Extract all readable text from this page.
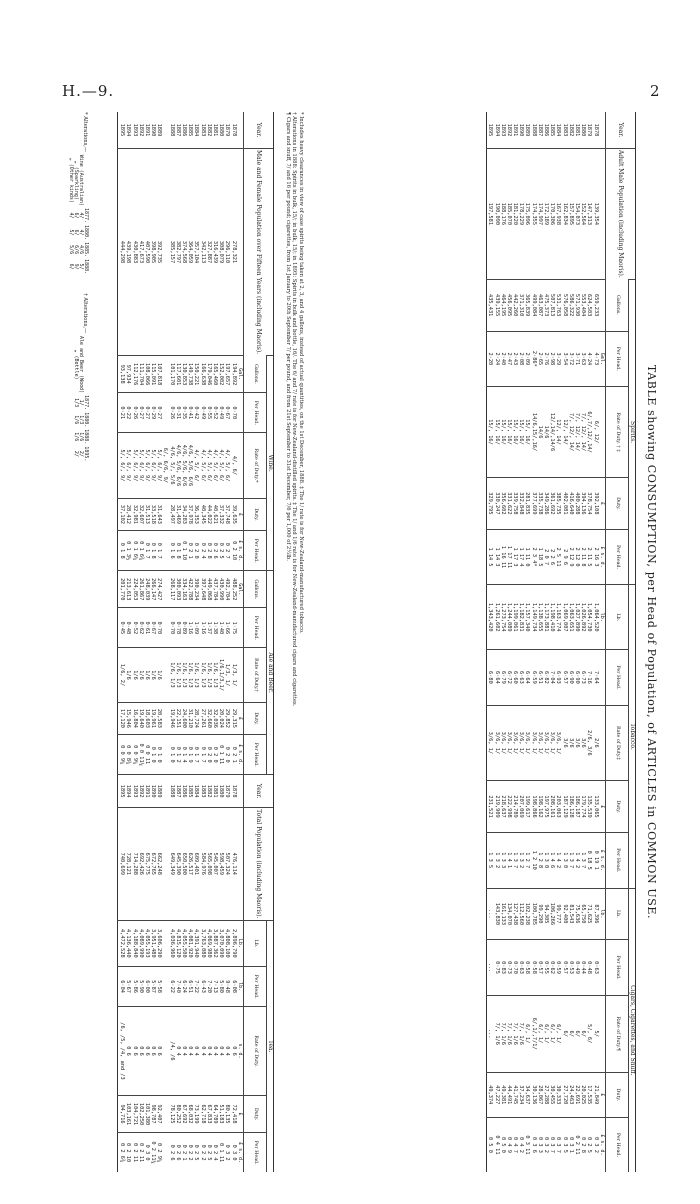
H.—9.	2
TABLE showing CONSUMPTION, per Head of Population, of ARTICLES in COMMON USE.
Year.	Adult Male Population (including Maoris).	Spirits.					Tobacco.					Cigars, Cigarettes, and Snuff.				
		Gallons.	Per Head.	Rate of Duty. † ‡	Duty.	Per Head.	Lb.	Per Head.	Rate of Duty.‡	Duty.	Per Head.	Lb.	Per Head.	Rate of Duty.¶	Duty.	Per Head.
			Gal.		£	£ s. d.	lb.			£	£ s. d.	lb.			£	£ s. d.
1878	139,354	659,233	4·73	6/, 12/	392,108	2 16 3	1,064,520	7·64	2/6	133,065	0 19 1	87,396	0·63	5/	21,849	0 3 2
1879	147,313	624,503	4·24	6/,7/,12/,14/	378,754	2 11 5	1,054,730	7·16	2/6, 3/6	135,539	0 18 5	71,625	0·48	5/, 6/	17,535	0 2 5
1880	152,564	553,404	3·63	7/, 12/, 14/	394,136	2 11 8	1,026,892	6·73	3/6	179,774	1 3 7	65,750	0·44	6/	20,025	0 2 8
1881	154,073	571,930	3·71	7/, 12/, 14/	400,288	2 12 0	1,027,890	6·90	3/6	186,187	1 4 2	75,636	0·49	6/	22,691	0 2 11
1882	157,895	586,322	3·72	7/, 12/, 14/	416,640	2 12 9	1,063,651	6·90	3/6	186,128	1 3 7	81,543	0·53	6/	24,463	0 3 1
1883	162,834	576,058	3·54	12/, 14/	402,081	2 9 6	1,069,007	6·57	3/6	187,129	1 3 0	92,400	0·57	6/	27,720	0 3 5
1884	167,938	531,763	3·29	12/, 14/	385,735	2 5 11	1,163,774	6·93	3/6, 1/	203,063	1 4 2	99,777	0·59	6/, 1/	30,333	0 3 7
1885	170,306	507,813	2·98	12/,14/,14/6	361,692	2 2 6	1,198,410	7·04	3/6, 1/	208,161	1 4 6	106,266	0·62	6/, 1/	30,455	0 3 7
1886	172,189	475,373	2·76	14/6	349,286	2 0 7	1,173,881	6·82	3/6, 1/	197,975	1 3 0	94,305	0·55	6/, 1/	27,288	0 3 2
1887	174,997	463,087	2·65	14/6	335,738	1 18 5	1,138,655	6·51	3/6, 1/	198,162	1 2 8	99,290	0·57	6/, 1/	28,067	0 3 3
1888	174,355	499,084	2·86*	14/6,15/,16/	377,699	2 3 4*	1,149,734	6·59	3/6, 1/	198,866	1 2 10	100,785	0·58	6/,1/,7/1/	30,136	0 3 6
1889	175,096	365,839	2·09	15/, 16/	281,835	1 11 0	1,157,340	6·64	3/6, 1/	199,617	1 2 7	102,238	0·58	6/, 1/	34,637	0 3 11
1890	178,229	371,310	2·08	15/, 16/	332,848	1 17 4	1,182,831	6·63	3/6, 1/	207,069	1 3 2	112,560	0·63	7/, 1/6	37,234	0 4 2
1891	181,220	442,260	2·43	15/, 16/	339,758	1 17 3	1,199,061	6·60	3/6, 1/	214,789	1 3 7	127,438	0·70	7/, 1/6	41,745	0 4 7
1892	185,070	456,095	2·47	15/, 16/	331,622	1 17 11	1,244,089	6·72	3/6, 1/	222,998	1 4 1	134,070	0·73	7/, 1/6	44,491	0 4 9
1893	188,176	464,195	2·40	15/, 16/	356,602	1 16 11	1,273,754	6·79	3/6, 1/	218,637	1 3 3	161,133	0·83	7/, 1/6	49,381	0 5 0
1894	190,090	439,155	2·24	15/, 16/	330,247	1 14 3	1,261,602	6·64	3/6, 1/	219,909	1 3 2	143,830	0·75	7/, 1/6	47,227	0 4 11
1895	197,581	435,431	2·20	15/, 16/	329,795	1 14 5	1,343,420	6·80	3/6, 1/	231,521	1 3 5	...	...	...	49,374	0 5 0
* Includes heavy clearances in view of case spirits being taken at 2, 3, and 4 gallons, instead of actual quantities, on the 1st December, 1888. ‡ The 1/ rate is for New-Zealand-manufactured tobacco.
† Alterations in 1888: Spirits in bulk, 15/; in bulk, 15/; in 1895: Spirits in bulk and bottle, 16/. The 6/ and 7/ rate is for New-Zealand-distilled spirits. ‡ The 1/ and 1/6 rate is for New-Zealand-manufactured cigars and cigarettes.
¶ Cigars and snuff, 7/ and 16 per pound; cigarettes, from 1st January to 20th September 7/ per pound, and from 21st September to 31st December, 7/6 per 1,000 of 2½lb.
Year.	Male and Female Population over Fifteen Years (including Maoris).	Wine.					Ale and Beer.					Year.	Total Population (including Maoris).	Tea.				
		Gallons.	Per Head.	Rate of Duty.*	Duty.	Per Head.	Gallons.	Per Head.	Rate of Duty.†	Duty.	Per Head.			Lb.	Per Head.	Rate of Duty.	Duty.	Per Head.
		Gal.			£	£ s. d.	Gal.			£	£ s. d.			Lb.	lb.	s. d.	£	£ s. d.
1878	278,321	194,892	0·70	4/, 6/	39,635	0 2 10	488,252	1·75	1/3, 1/	29,315	0 2 1	1878	476,114	2,896,790	6·08	0 6	72,418	0 3 0
1879	296,110	197,657	0·67	4/, 5/, 6/	37,748	0 2 7	492,704	1·66	1/3, 1/	29,852	0 2 0	1879	507,324	4,808,100	9·48	0 4	80,135	0 3 2
1880	308,079	152,002	0·49	4/, 5/, 6/	37,332	0 2 5	430,990	1·40	1/6,1/3,1/	20,024	0 1 11	1880	598,459	3,070,090	5·80	0 4	51,183	0 1 11
1881	316,439	165,460	0·52	4/, 5/, 6/	40,621	0 2 6	437,784	1·38	1/6, 1/3	32,036	0 2 0	1881	545,007	3,887,362	7·13	0 4	64,789	0 2 4
1882	327,887	179,046	0·55	4/, 5/, 6/	44,022	0 2 8	449,068	1·37	1/6, 1/3	32,660	0 2 0	1882	565,098	4,069,980	7·20	0 4	67,833	0 2 5
1883	342,113	166,638	0·49	4/, 5/, 6/	40,345	0 2 4	397,648	1·16	1/6, 1/3	27,261	0 1 7	1883	584,976	3,763,080	6·43	0 4	62,718	0 2 2
1884	357,104	150,221	0·42	4/, 5/, 6/	36,353	0 2 0	390,234	1·09	1/6, 1/3	28,724	0 1 7	1884	609,401	4,391,940	7·22	0 4	73,199	0 2 5
1885	364,059	149,738	0·41	4/6, 5/6, 6/6	37,978	0 2 1	422,788	1·16	1/6, 1/3	31,210	0 1 9	1885	626,517	4,081,920	6·51	0 4	68,032	0 2 2
1886	374,568	130,853	0·35	4/6, 5/6, 6/6	34,283	0 1 10	334,163	0·89	1/6, 1/3	24,600	0 1 4	1886	650,500	4,055,500	6·24	0 4	67,692	0 2 1
1887	382,797	117,601	0·31	4/6, 5/6, 6/6	31,469	0 1 8	300,093	0·78	1/6, 1/3	22,151	0 1 2	1887	645,390	4,815,120	7·40	0 4	80,252	0 2 6
1888	385,157	101,170	0·26	4/6, 5/, 5/6	28,497	0 1 6	268,117	0·70	1/6, 1/3	19,946	0 1 0	1888	649,349	4,036,960	6·22	/4, /6	78,125	0 2 6
				6/, 6/6, 9/														
1889	392,735	107,818	0·27	5/, 6/, 9/	31,643	0 1 7	274,427	0·70	1/6	20,583	0 1 0	1889	662,248	3,606,290	5·58	0 6	92,407	0 2 9¼
1890	398,905	115,091	0·29	5/, 6/, 9/	33,518	0 1 8	266,147	0·67	1/6	19,961	0 1 0	1890	672,765	3,951,480	5·87	0 6	98,787	0 2 11¼
1891	407,590	108,066	0·27	5/, 6/, 9/	31,513	0 1 7	248,039	0·61	1/6	18,603	0 0 11	1891	675,775	4,055,193	6·00	0 6	101,380	0 3 0
1892	417,673	111,704	0·27	5/, 6/, 9/	32,607	0 1 6¾	261,867	0·62	1/6	19,640	0 0 11¼	1892	692,426	4,089,990	5·90	0 6	102,250	0 2 11
1893	430,883	112,176	0·26	5/, 6/, 9/	32,981	0 1 6¼	224,053	0·52	1/6	16,804	0 0 9¼	1893	714,288	4,188,840	5·86	0 6	104,721	0 2 11
1894	439,198	97,934	0·22	5/, 6/, 9/	28,412	0 1 3½	213,613	0·48	1/6	15,946	0 0 8¾	1894	728,121	4,136,440	5·67	0 6	103,161	0 2 10
1895	444,298	93,138	0·21	5/, 6/, 9/	37,102	0 1 8	201,770	0·45	1/6, 2/	17,120	0 0 9¼	1895	740,699	4,472,528	6·04	/6, /5, /4, and /3	94,716	0 2 6¾
* Alterations,—	1877.	1880.	1885.	1888.
Wine (Australian)	4/	4/	4/6	5/
„ (Sparkling)	6/	6/	6/6	9/
„ (Other kinds)	4/	5/	5/6	6/
† Alterations,—	1877.	1880.	1888.	1895.
Ale and Beer (Wood)	1/	1/3	1/6	2/
„ (Bottle)	1/3	1/6	1/6	2/
